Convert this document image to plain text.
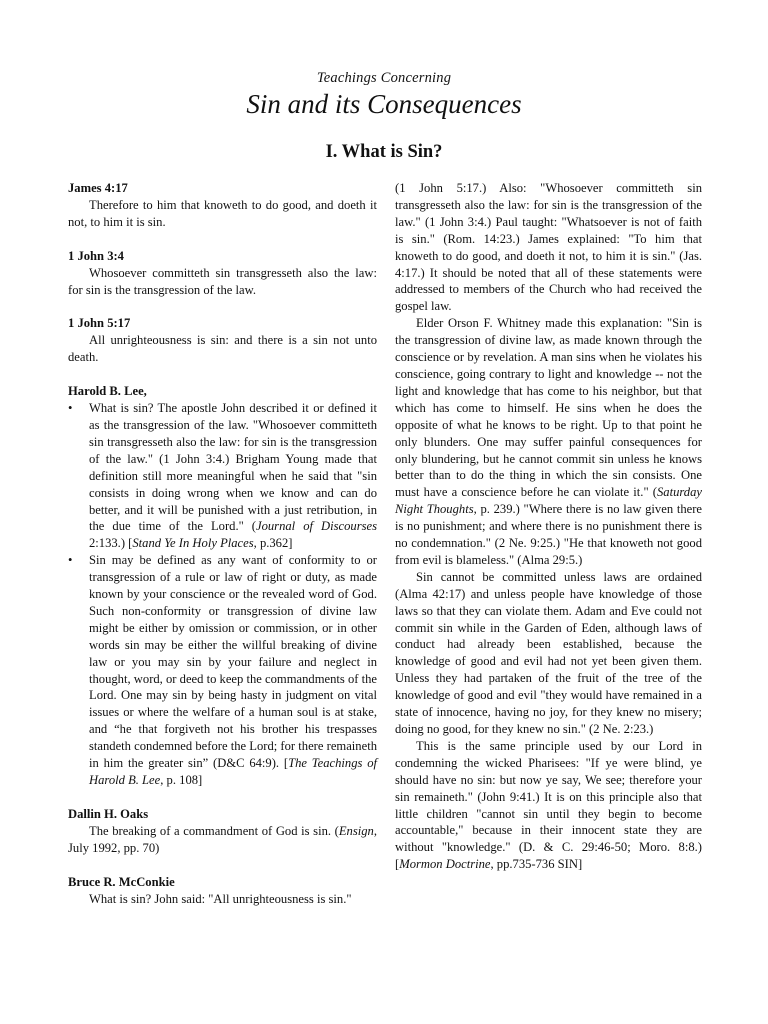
Teachings Concerning
Sin and its Consequences
I. What is Sin?

James 4:17

Therefore to him that knoweth to do good, and doeth it not, to him it is sin.

1 John 3:4

Whosoever committeth sin transgresseth also the law: for sin is the transgression of the law.

1 John 5:17

All unrighteousness is sin: and there is a sin not unto death.

Harold B. Lee,

•	What is sin? The apostle John described it or defined it as the transgression of the law. "Whosoever committeth sin transgresseth also the law: for sin is the transgression of the law." (1 John 3:4.) Brigham Young made that definition still more meaningful when he said that "sin consists in doing wrong when we know and can do better, and it will be punished with a just retribution, in the due time of the Lord." (Journal of Discourses 2:133.) [Stand Ye In Holy Places, p.362]
•	Sin may be defined as any want of conformity to or transgression of a rule or law of right or duty, as made known by your conscience or the revealed word of God. Such non-conformity or transgression of divine law might be either by omission or commission, or in other words sin may be either the willful breaking of divine law or you may sin by your failure and neglect in thought, word, or deed to keep the commandments of the Lord. One may sin by being hasty in judgment on vital issues or where the welfare of a human soul is at stake, and “he that forgiveth not his brother his trespasses standeth condemned before the Lord; for there remaineth in him the greater sin” (D&C 64:9). [The Teachings of Harold B. Lee, p. 108]

Dallin H. Oaks

The breaking of a commandment of God is sin. (Ensign, July 1992, pp. 70)

Bruce R. McConkie

What is sin? John said: "All unrighteousness is sin."

(1 John 5:17.) Also: "Whosoever committeth sin transgresseth also the law: for sin is the transgression of the law." (1 John 3:4.) Paul taught: "Whatsoever is not of faith is sin." (Rom. 14:23.) James explained: "To him that knoweth to do good, and doeth it not, to him it is sin." (Jas. 4:17.) It should be noted that all of these statements were addressed to members of the Church who had received the gospel law.

Elder Orson F. Whitney made this explanation: "Sin is the transgression of divine law, as made known through the conscience or by revelation. A man sins when he violates his conscience, going contrary to light and knowledge -- not the light and knowledge that has come to his neighbor, but that which has come to himself. He sins when he does the opposite of what he knows to be right. Up to that point he only blunders. One may suffer painful consequences for only blundering, but he cannot commit sin unless he knows better than to do the thing in which the sin consists. One must have a conscience before he can violate it." (Saturday Night Thoughts, p. 239.) "Where there is no law given there is no punishment; and where there is no punishment there is no condemnation." (2 Ne. 9:25.) "He that knoweth not good from evil is blameless." (Alma 29:5.)

Sin cannot be committed unless laws are ordained (Alma 42:17) and unless people have knowledge of those laws so that they can violate them. Adam and Eve could not commit sin while in the Garden of Eden, although laws of conduct had already been established, because the knowledge of good and evil had not yet been given them. Unless they had partaken of the fruit of the tree of the knowledge of good and evil "they would have remained in a state of innocence, having no joy, for they knew no misery; doing no good, for they knew no sin." (2 Ne. 2:23.)

This is the same principle used by our Lord in condemning the wicked Pharisees: "If ye were blind, ye should have no sin: but now ye say, We see; therefore your sin remaineth." (John 9:41.) It is on this principle also that little children "cannot sin until they begin to become accountable," because in their innocent state they are without "knowledge." (D. & C. 29:46-50; Moro. 8:8.) [Mormon Doctrine, pp.735-736 SIN]
